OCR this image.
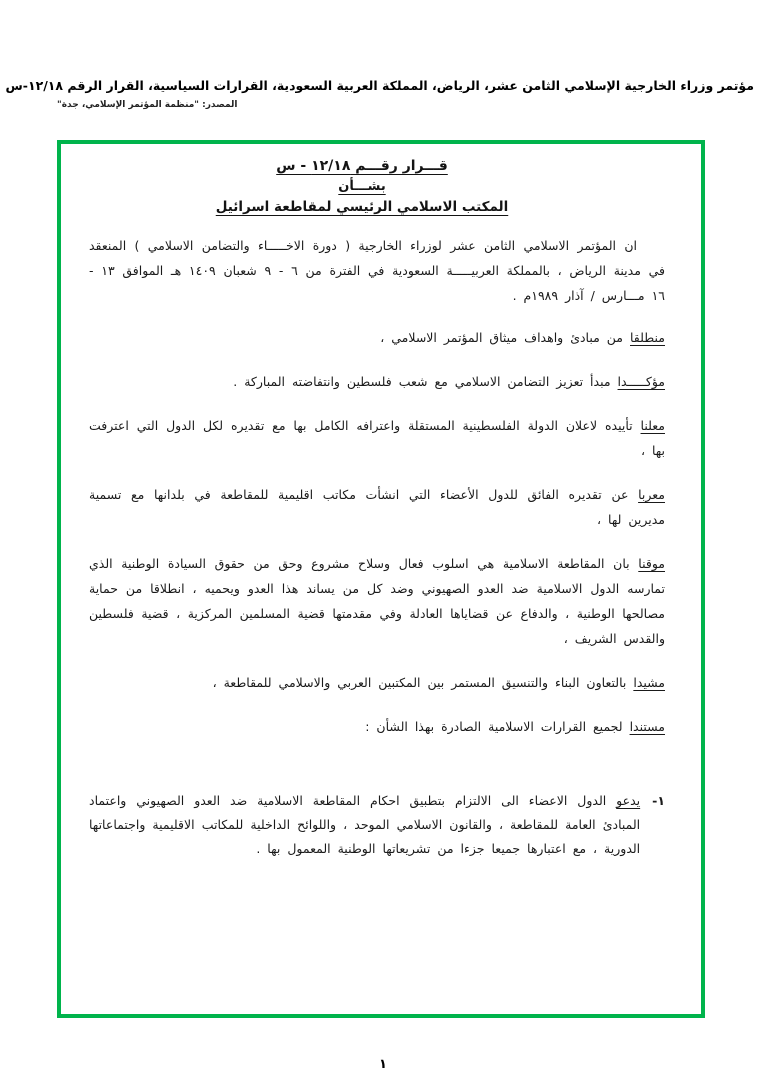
مؤتمر وزراء الخارجية الإسلامي الثامن عشر، الرياض، المملكة العربية السعودية، القرارات السياسية، القرار الرقم ١٢/١٨-س
المصدر: "منظمة المؤتمر الإسلامي، جدة"
قـــرار رقـــم ١٢/١٨ - س
بشـــأن
المكتب الاسلامي الرئيسي لمقاطعة اسرائيل

ان المؤتمر الاسلامي الثامن عشر لوزراء الخارجية ( دورة الاخـــــاء والتضامن الاسلامي ) المنعقد في مدينة الرياض ، بالمملكة العربيـــــة السعودية في الفترة من ٦ - ٩ شعبان ١٤٠٩ هـ الموافق ١٣ - ١٦ مـــارس / آذار ١٩٨٩م .

منطلقا من مبادئ واهداف ميثاق المؤتمر الاسلامي ،

مؤكـــــدا مبدأ تعزيز التضامن الاسلامي مع شعب فلسطين وانتفاضته المباركة .

معلنا تأييده لاعلان الدولة الفلسطينية المستقلة واعترافه الكامل بها مع تقديره لكل الدول التي اعترفت بها ،

معربا عن تقديره الفائق للدول الأعضاء التي انشأت مكاتب اقليمية للمقاطعة في بلدانها مع تسمية مديرين لها ،

موقنا بان المقاطعة الاسلامية هي اسلوب فعال وسلاح مشروع وحق من حقوق السيادة الوطنية الذي تمارسه الدول الاسلامية ضد العدو الصهيوني وضد كل من يساند هذا العدو ويحميه ، انطلاقا من حماية مصالحها الوطنية ، والدفاع عن قضاياها العادلة وفي مقدمتها قضية المسلمين المركزية ، قضية فلسطين والقدس الشريف ،

مشيدا بالتعاون البناء والتنسيق المستمر بين المكتبين العربي والاسلامي للمقاطعة ،

مستندا لجميع القرارات الاسلامية الصادرة بهذا الشأن :

١-
يدعو الدول الاعضاء الى الالتزام بتطبيق احكام المقاطعة الاسلامية ضد العدو الصهيوني واعتماد المبادئ العامة للمقاطعة ، والقانون الاسلامي الموحد ، واللوائح الداخلية للمكاتب الاقليمية واجتماعاتها الدورية ، مع اعتبارها جميعا جزءا من تشريعاتها الوطنية المعمول بها .
١
